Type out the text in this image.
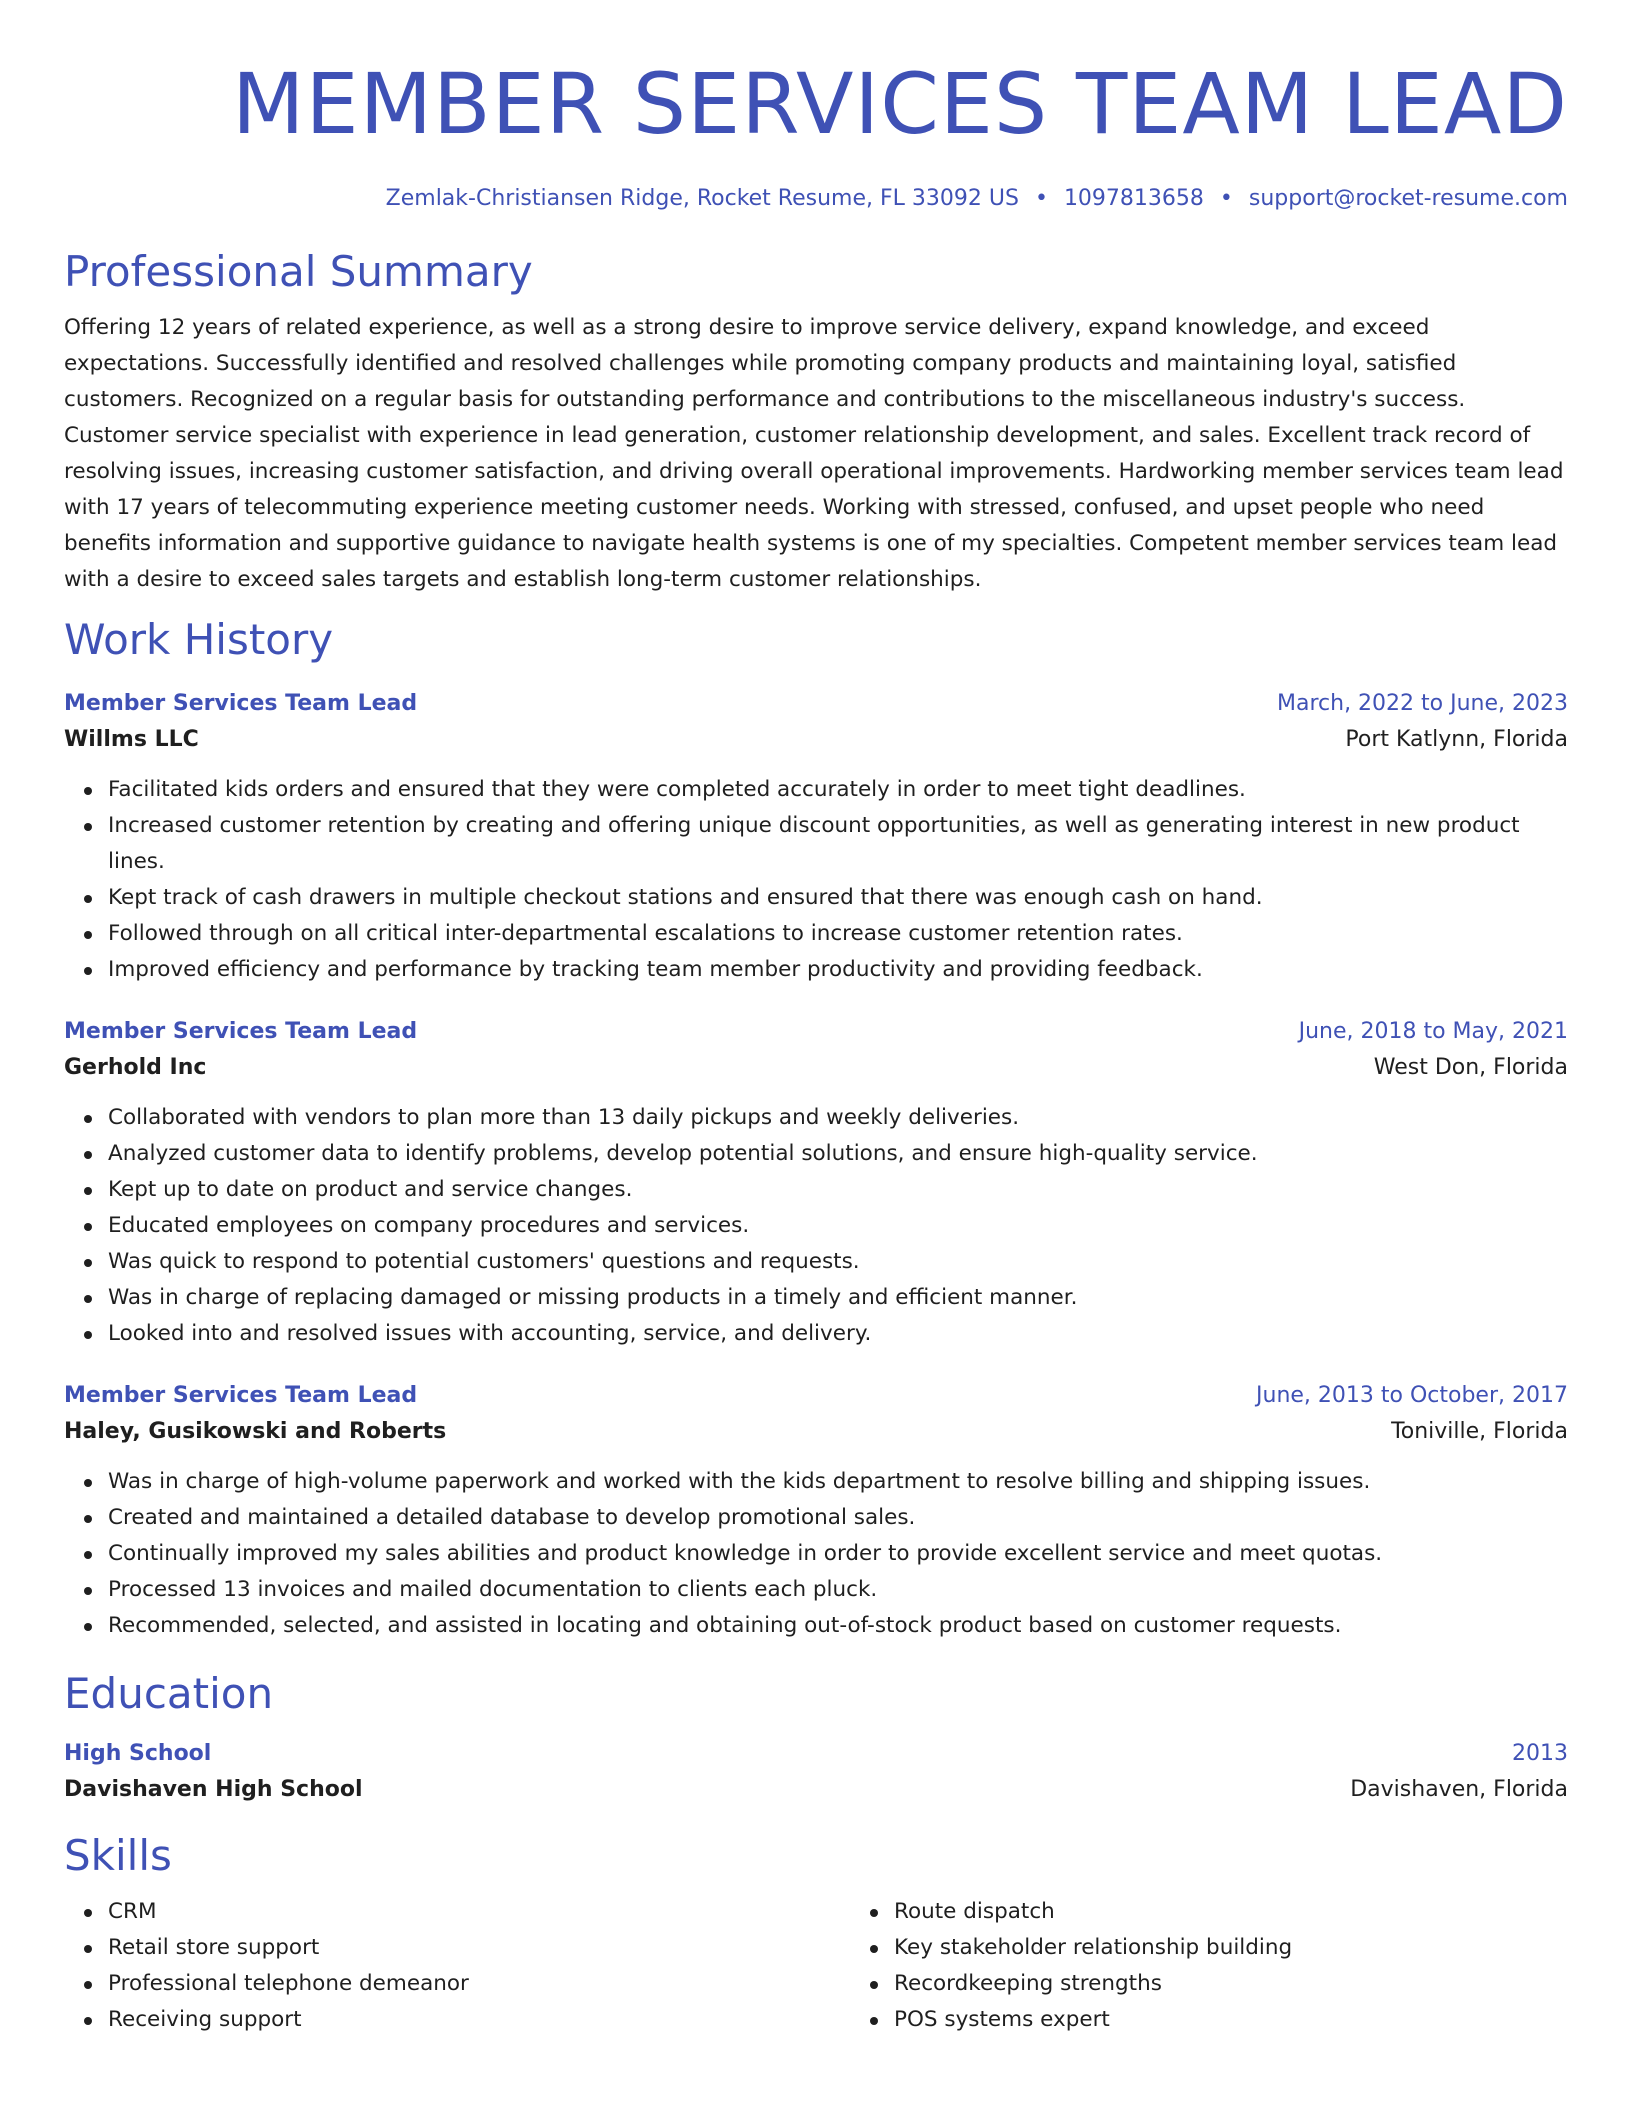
MEMBER SERVICES TEAM LEAD
Zemlak-Christiansen Ridge, Rocket Resume, FL 33092 US • 1097813658 • support@rocket-resume.com
Professional Summary

Offering 12 years of related experience, as well as a strong desire to improve service delivery, expand knowledge, and exceed expectations. Successfully identified and resolved challenges while promoting company products and maintaining loyal, satisfied customers. Recognized on a regular basis for outstanding performance and contributions to the miscellaneous industry's success. Customer service specialist with experience in lead generation, customer relationship development, and sales. Excellent track record of resolving issues, increasing customer satisfaction, and driving overall operational improvements. Hardworking member services team lead with 17 years of telecommuting experience meeting customer needs. Working with stressed, confused, and upset people who need benefits information and supportive guidance to navigate health systems is one of my specialties. Competent member services team lead with a desire to exceed sales targets and establish long-term customer relationships.

Work History
Member Services Team Lead	March, 2022 to June, 2023
Willms LLC	Port Katlynn, Florida
Facilitated kids orders and ensured that they were completed accurately in order to meet tight deadlines.
Increased customer retention by creating and offering unique discount opportunities, as well as generating interest in new product lines.
Kept track of cash drawers in multiple checkout stations and ensured that there was enough cash on hand.
Followed through on all critical inter-departmental escalations to increase customer retention rates.
Improved efficiency and performance by tracking team member productivity and providing feedback.
Member Services Team Lead	June, 2018 to May, 2021
Gerhold Inc	West Don, Florida
Collaborated with vendors to plan more than 13 daily pickups and weekly deliveries.
Analyzed customer data to identify problems, develop potential solutions, and ensure high-quality service.
Kept up to date on product and service changes.
Educated employees on company procedures and services.
Was quick to respond to potential customers' questions and requests.
Was in charge of replacing damaged or missing products in a timely and efficient manner.
Looked into and resolved issues with accounting, service, and delivery.
Member Services Team Lead	June, 2013 to October, 2017
Haley, Gusikowski and Roberts	Toniville, Florida
Was in charge of high-volume paperwork and worked with the kids department to resolve billing and shipping issues.
Created and maintained a detailed database to develop promotional sales.
Continually improved my sales abilities and product knowledge in order to provide excellent service and meet quotas.
Processed 13 invoices and mailed documentation to clients each pluck.
Recommended, selected, and assisted in locating and obtaining out-of-stock product based on customer requests.
Education
High School	2013
Davishaven High School	Davishaven, Florida
Skills
CRM
Retail store support
Professional telephone demeanor
Receiving support
Route dispatch
Key stakeholder relationship building
Recordkeeping strengths
POS systems expert
